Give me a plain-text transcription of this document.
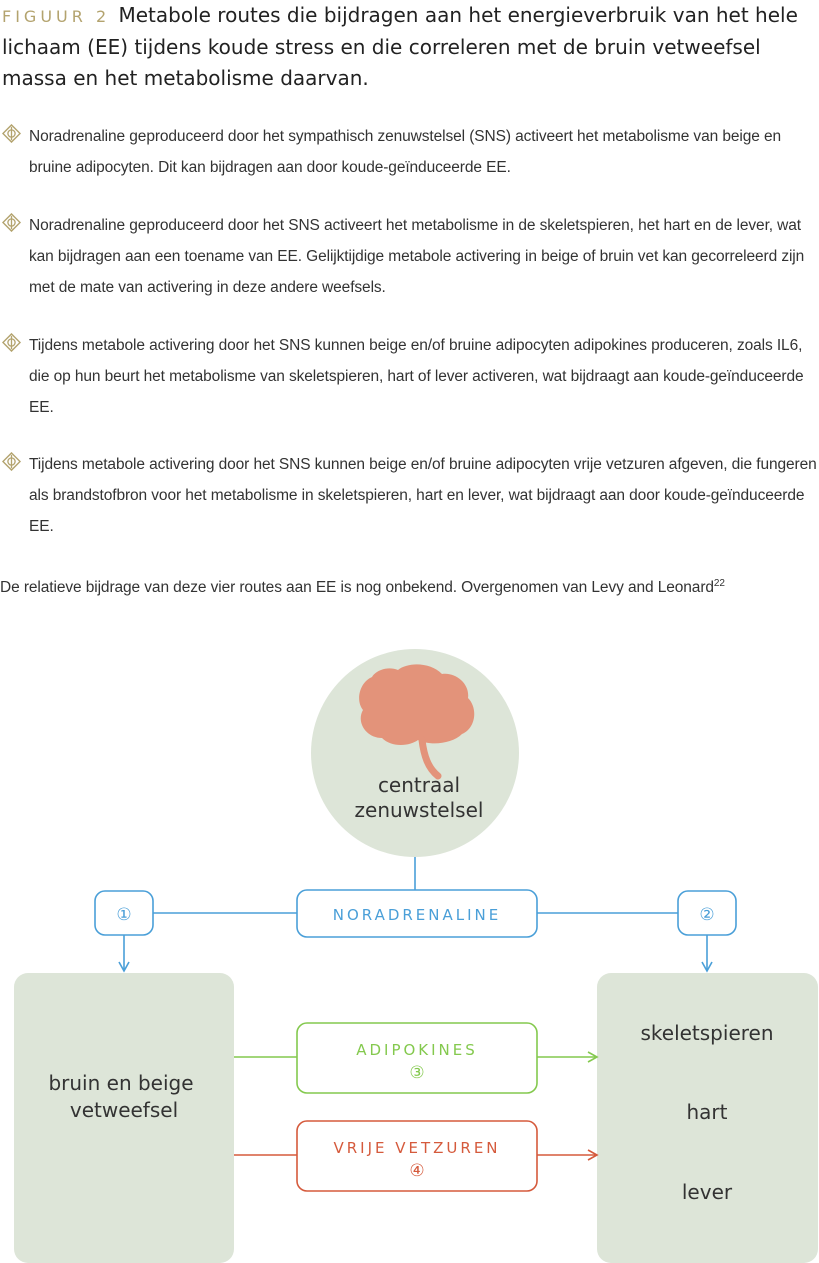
FIGUUR 2 Metabole routes die bijdragen aan het energieverbruik van het hele lichaam (EE) tijdens koude stress en die correleren met de bruin vetweefsel massa en het metabolisme daarvan.
Noradrenaline geproduceerd door het sympathisch zenuwstelsel (SNS) activeert het metabolisme van beige en bruine adipocyten. Dit kan bijdragen aan door koude-geïnduceerde EE.
Noradrenaline geproduceerd door het SNS activeert het metabolisme in de skeletspieren, het hart en de lever, wat kan bijdragen aan een toename van EE. Gelijktijdige metabole activering in beige of bruin vet kan gecorreleerd zijn met de mate van activering in deze andere weefsels.
Tijdens metabole activering door het SNS kunnen beige en/of bruine adipocyten adipokines produceren, zoals IL6, die op hun beurt het metabolisme van skeletspieren, hart of lever activeren, wat bijdraagt aan koude-geïnduceerde EE.
Tijdens metabole activering door het SNS kunnen beige en/of bruine adipocyten vrije vetzuren afgeven, die fungeren als brandstofbron voor het metabolisme in skeletspieren, hart en lever, wat bijdraagt aan door koude-geïnduceerde EE.
De relatieve bijdrage van deze vier routes aan EE is nog onbekend. Overgenomen van Levy and Leonard$^{22}$
centraal
zenuwstelsel
NORADRENALINE
①	②
bruin en beige
vetweefsel
skeletspieren
hart
lever
ADIPOKINES
③
VRIJE VETZUREN
④
